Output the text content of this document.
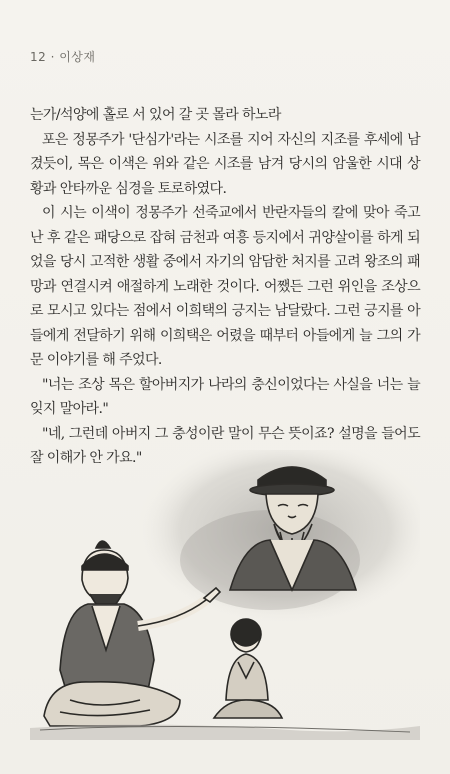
12 · 이상재

는가/석양에 홀로 서 있어 갈 곳 몰라 하노라

포은 정몽주가 '단심가'라는 시조를 지어 자신의 지조를 후세에 남겼듯이, 목은 이색은 위와 같은 시조를 남겨 당시의 암울한 시대 상황과 안타까운 심경을 토로하였다.

이 시는 이색이 정몽주가 선죽교에서 반란자들의 칼에 맞아 죽고 난 후 같은 패당으로 잡혀 금천과 여흥 등지에서 귀양살이를 하게 되었을 당시 고적한 생활 중에서 자기의 암담한 처지를 고려 왕조의 패망과 연결시켜 애절하게 노래한 것이다. 어쨌든 그런 위인을 조상으로 모시고 있다는 점에서 이희택의 긍지는 남달랐다. 그런 긍지를 아들에게 전달하기 위해 이희택은 어렸을 때부터 아들에게 늘 그의 가문 이야기를 해 주었다.

"너는 조상 목은 할아버지가 나라의 충신이었다는 사실을 너는 늘 잊지 말아라."

"네, 그런데 아버지 그 충성이란 말이 무슨 뜻이죠? 설명을 들어도 잘 이해가 안 가요."
